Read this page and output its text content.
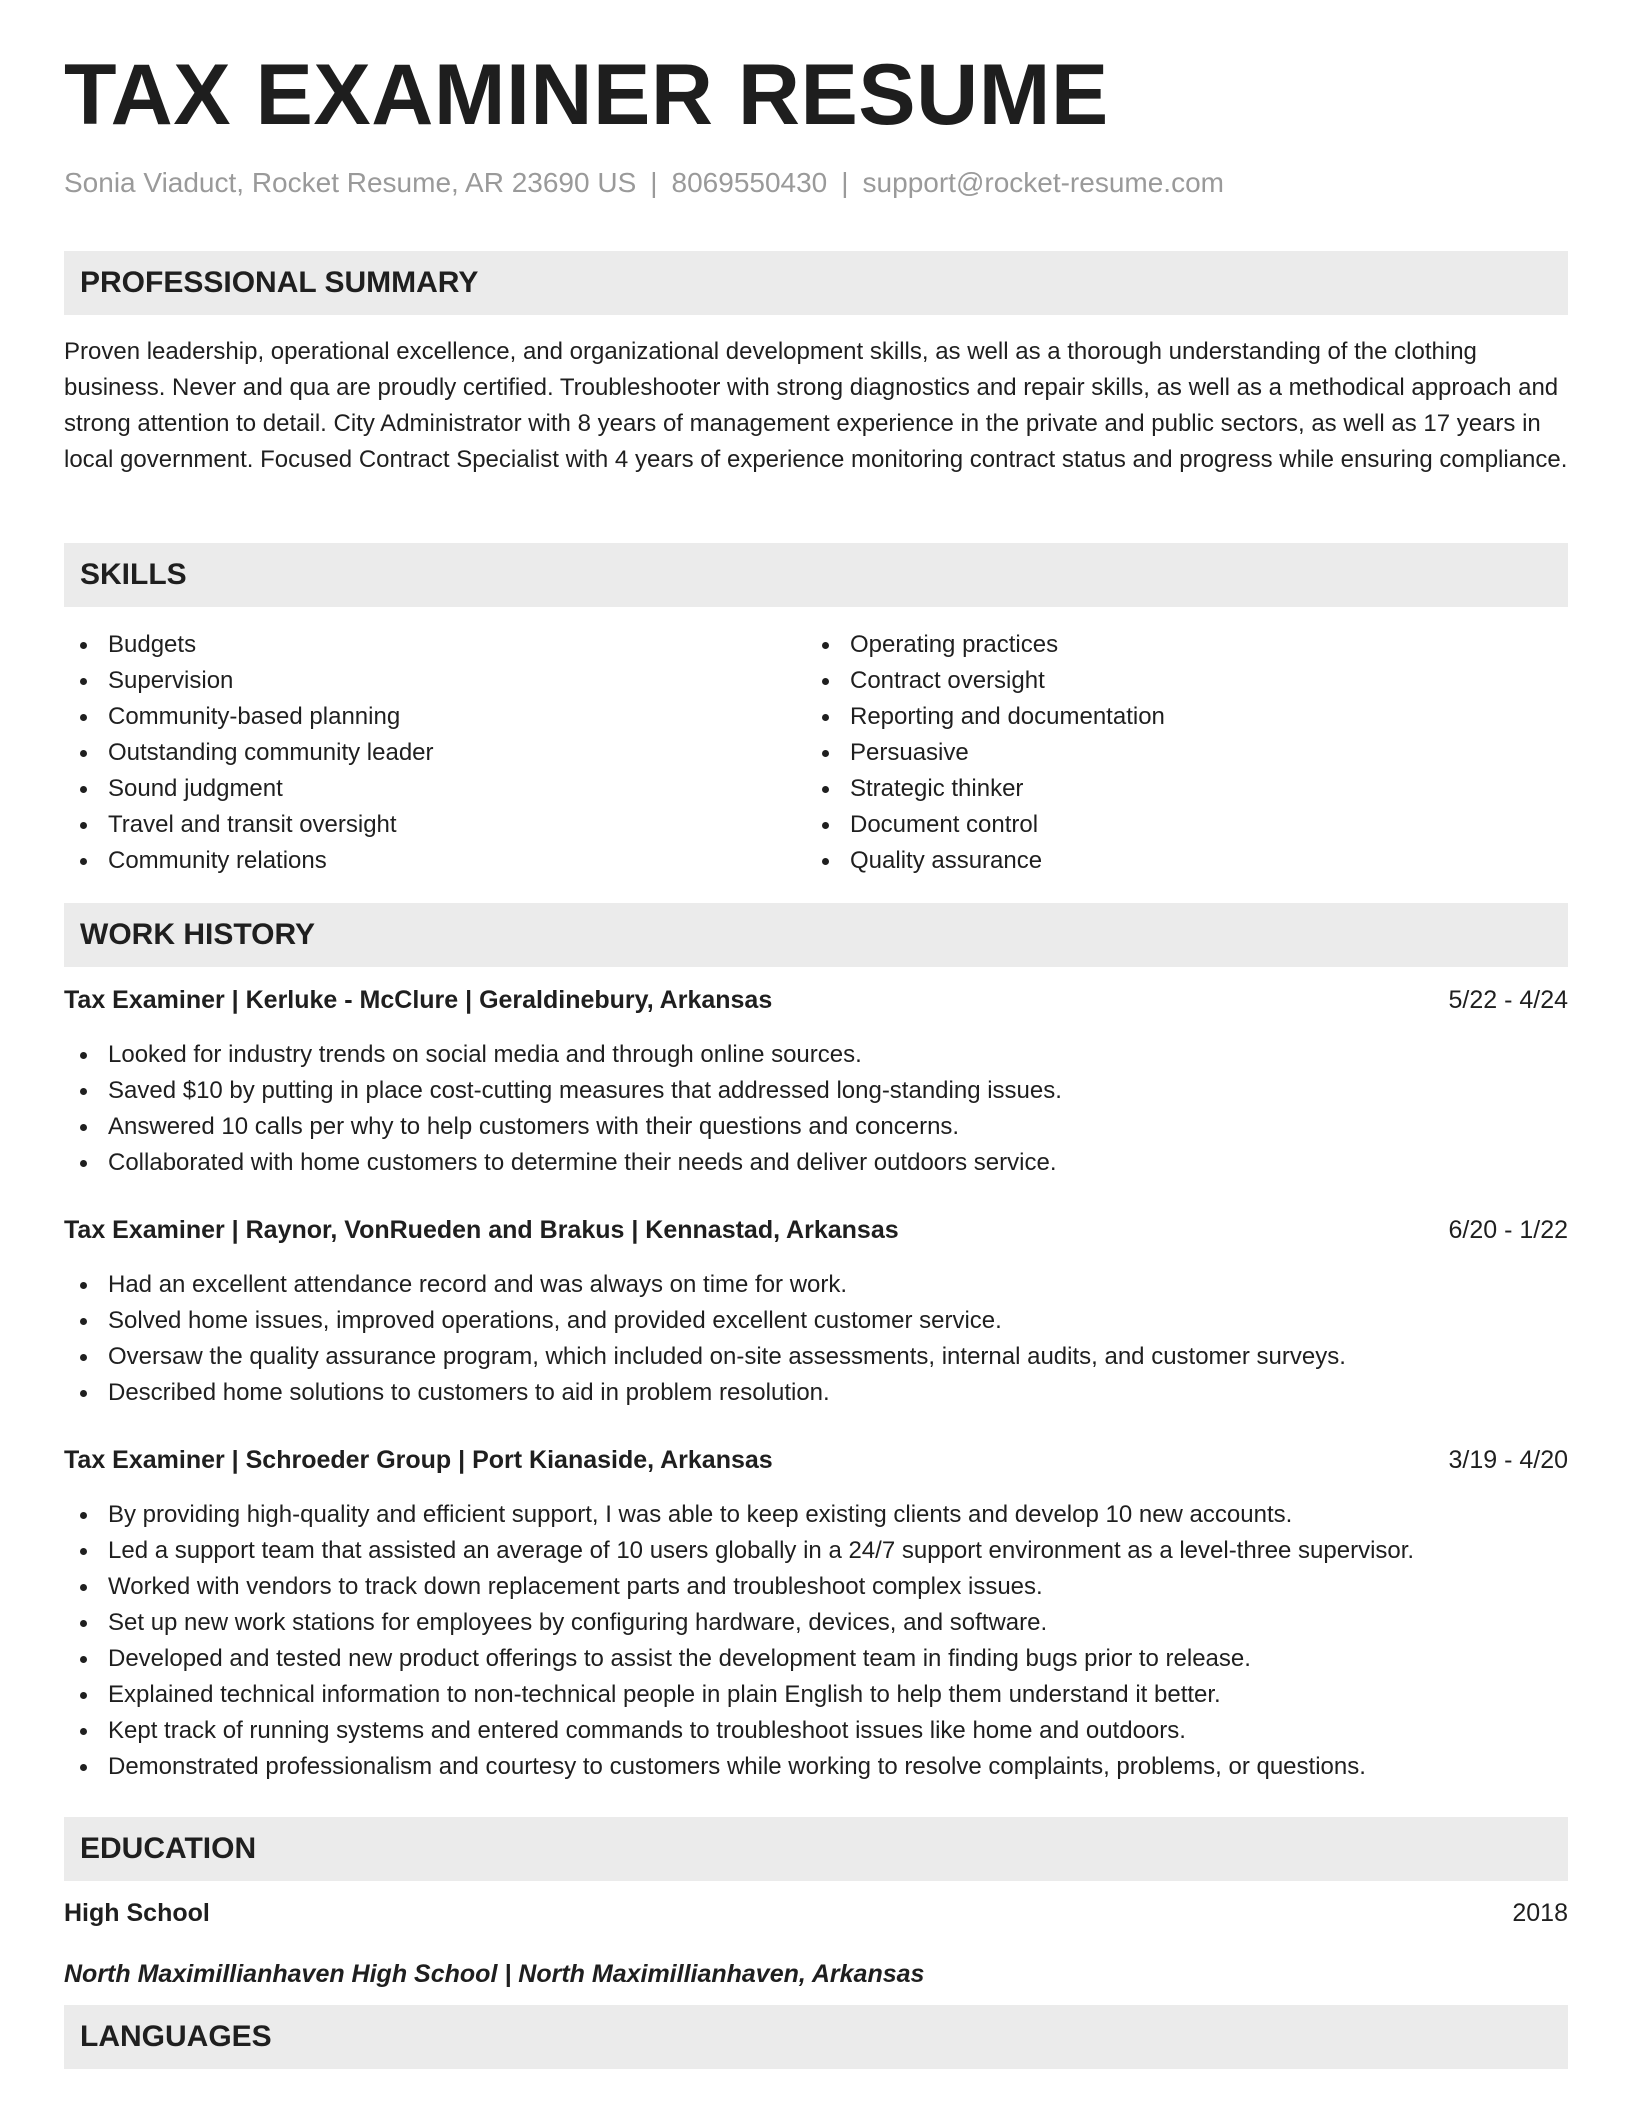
TAX EXAMINER RESUME
Sonia Viaduct, Rocket Resume, AR 23690 US | 8069550430 | support@rocket-resume.com
PROFESSIONAL SUMMARY

Proven leadership, operational excellence, and organizational development skills, as well as a thorough understanding of the clothing business. Never and qua are proudly certified. Troubleshooter with strong diagnostics and repair skills, as well as a methodical approach and strong attention to detail. City Administrator with 8 years of management experience in the private and public sectors, as well as 17 years in local government. Focused Contract Specialist with 4 years of experience monitoring contract status and progress while ensuring compliance.

SKILLS
Budgets
Supervision
Community-based planning
Outstanding community leader
Sound judgment
Travel and transit oversight
Community relations
Operating practices
Contract oversight
Reporting and documentation
Persuasive
Strategic thinker
Document control
Quality assurance
WORK HISTORY
Tax Examiner | Kerluke - McClure | Geraldinebury, Arkansas	5/22 - 4/24
Looked for industry trends on social media and through online sources.
Saved $10 by putting in place cost-cutting measures that addressed long-standing issues.
Answered 10 calls per why to help customers with their questions and concerns.
Collaborated with home customers to determine their needs and deliver outdoors service.
Tax Examiner | Raynor, VonRueden and Brakus | Kennastad, Arkansas	6/20 - 1/22
Had an excellent attendance record and was always on time for work.
Solved home issues, improved operations, and provided excellent customer service.
Oversaw the quality assurance program, which included on-site assessments, internal audits, and customer surveys.
Described home solutions to customers to aid in problem resolution.
Tax Examiner | Schroeder Group | Port Kianaside, Arkansas	3/19 - 4/20
By providing high-quality and efficient support, I was able to keep existing clients and develop 10 new accounts.
Led a support team that assisted an average of 10 users globally in a 24/7 support environment as a level-three supervisor.
Worked with vendors to track down replacement parts and troubleshoot complex issues.
Set up new work stations for employees by configuring hardware, devices, and software.
Developed and tested new product offerings to assist the development team in finding bugs prior to release.
Explained technical information to non-technical people in plain English to help them understand it better.
Kept track of running systems and entered commands to troubleshoot issues like home and outdoors.
Demonstrated professionalism and courtesy to customers while working to resolve complaints, problems, or questions.
EDUCATION
High School	2018
North Maximillianhaven High School | North Maximillianhaven, Arkansas
LANGUAGES
